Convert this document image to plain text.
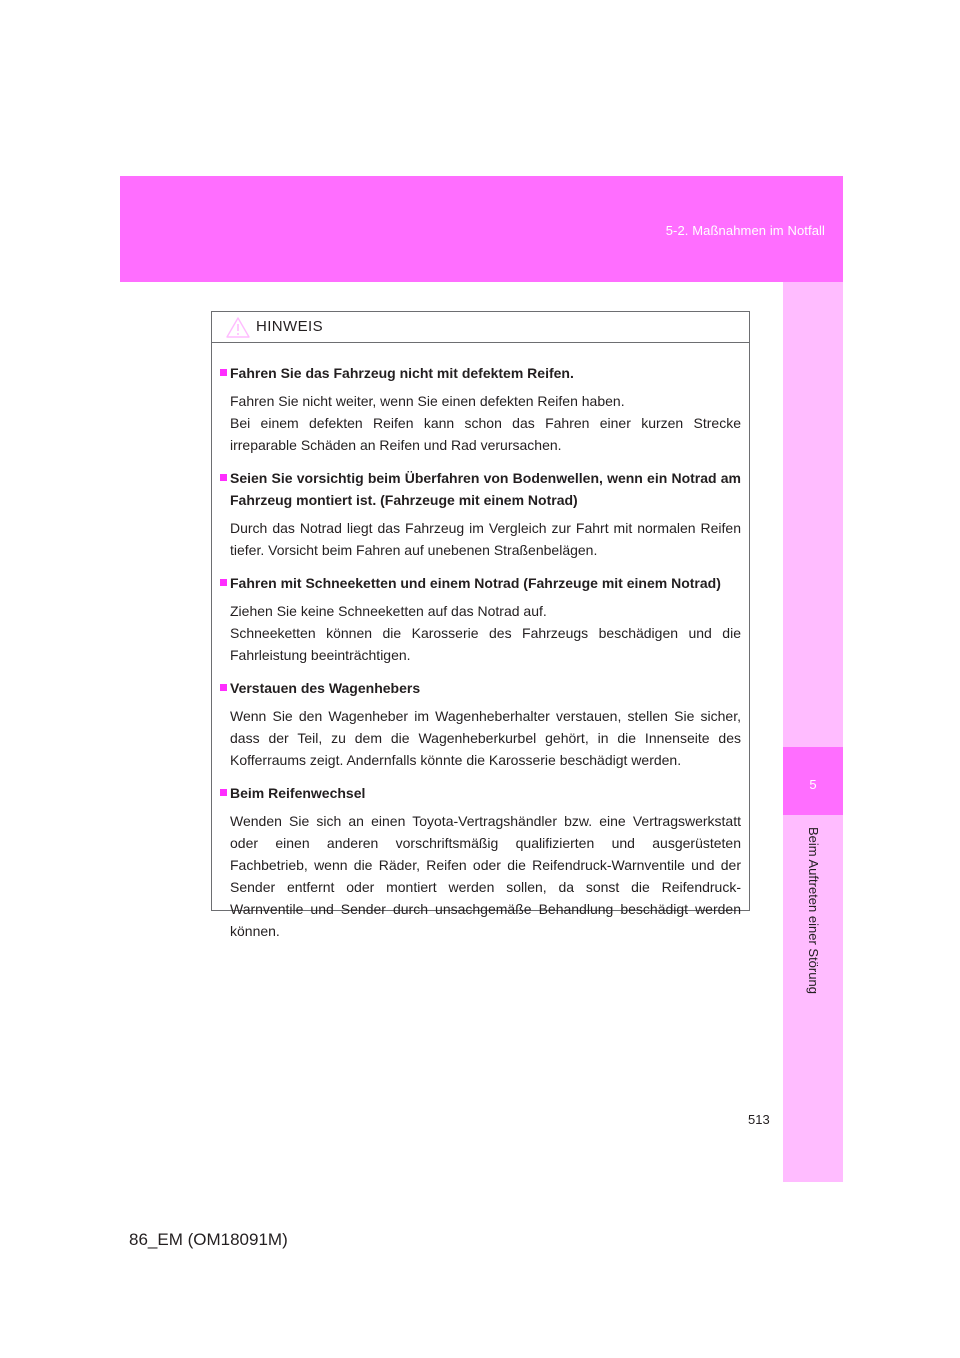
5-2. Maßnahmen im Notfall
5
Beim Auftreten einer Störung
HINWEIS
Fahren Sie das Fahrzeug nicht mit defektem Reifen.

Fahren Sie nicht weiter, wenn Sie einen defekten Reifen haben.

Bei einem defekten Reifen kann schon das Fahren einer kurzen Strecke irreparable Schäden an Reifen und Rad verursachen.

Seien Sie vorsichtig beim Überfahren von Bodenwellen, wenn ein Notrad am Fahrzeug montiert ist. (Fahrzeuge mit einem Notrad)

Durch das Notrad liegt das Fahrzeug im Vergleich zur Fahrt mit normalen Reifen tiefer. Vorsicht beim Fahren auf unebenen Straßenbelägen.

Fahren mit Schneeketten und einem Notrad (Fahrzeuge mit einem Notrad)

Ziehen Sie keine Schneeketten auf das Notrad auf.

Schneeketten können die Karosserie des Fahrzeugs beschädigen und die Fahrleistung beeinträchtigen.

Verstauen des Wagenhebers

Wenn Sie den Wagenheber im Wagenheberhalter verstauen, stellen Sie sicher, dass der Teil, zu dem die Wagenheberkurbel gehört, in die Innenseite des Kofferraums zeigt. Andernfalls könnte die Karosserie beschädigt werden.

Beim Reifenwechsel

Wenden Sie sich an einen Toyota-Vertragshändler bzw. eine Vertragswerkstatt oder einen anderen vorschriftsmäßig qualifizierten und ausgerüsteten Fachbetrieb, wenn die Räder, Reifen oder die Reifendruck-Warnventile und der Sender entfernt oder montiert werden sollen, da sonst die Reifendruck-Warnventile und Sender durch unsachgemäße Behandlung beschädigt werden können.

513
86_EM (OM18091M)
